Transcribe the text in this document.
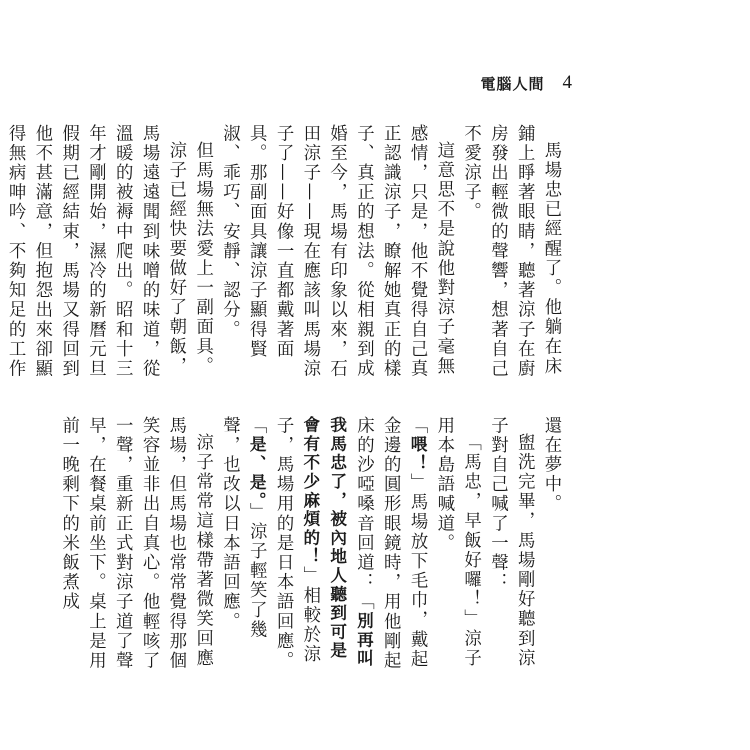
電腦人間 4

馬場忠已經醒了。他躺在床鋪上睜著眼睛，聽著涼子在廚房發出輕微的聲響，想著自己不愛涼子。

這意思不是說他對涼子毫無感情，只是，他不覺得自己真正認識涼子，瞭解她真正的樣子、真正的想法。從相親到成婚至今，馬場有印象以來，石田涼子——現在應該叫馬場涼子了——好像一直都戴著面具。那副面具讓涼子顯得賢淑、乖巧、安靜、認分。

但馬場無法愛上一副面具。

涼子已經快要做好了朝飯，馬場遠遠聞到味噌的味道，從溫暖的被褥中爬出。昭和十三年才剛開始，濕冷的新曆元旦假期已經結束，馬場又得回到他不甚滿意，但抱怨出來卻顯得無病呻吟、不夠知足的工作

還在夢中。

盥洗完畢，馬場剛好聽到涼子對自己喊了一聲：

「馬忠，早飯好囉！」涼子用本島語喊道。

「喂！」馬場放下毛巾，戴起金邊的圓形眼鏡時，用他剛起床的沙啞嗓音回道：「別再叫我馬忠了，被內地人聽到可是會有不少麻煩的！」相較於涼子，馬場用的是日本語回應。

「是、是。」涼子輕笑了幾聲，也改以日本語回應。

涼子常常這樣帶著微笑回應馬場，但馬場也常常覺得那個笑容並非出自真心。他輕咳了一聲，重新正式對涼子道了聲早，在餐桌前坐下。桌上是用前一晚剩下的米飯煮成
